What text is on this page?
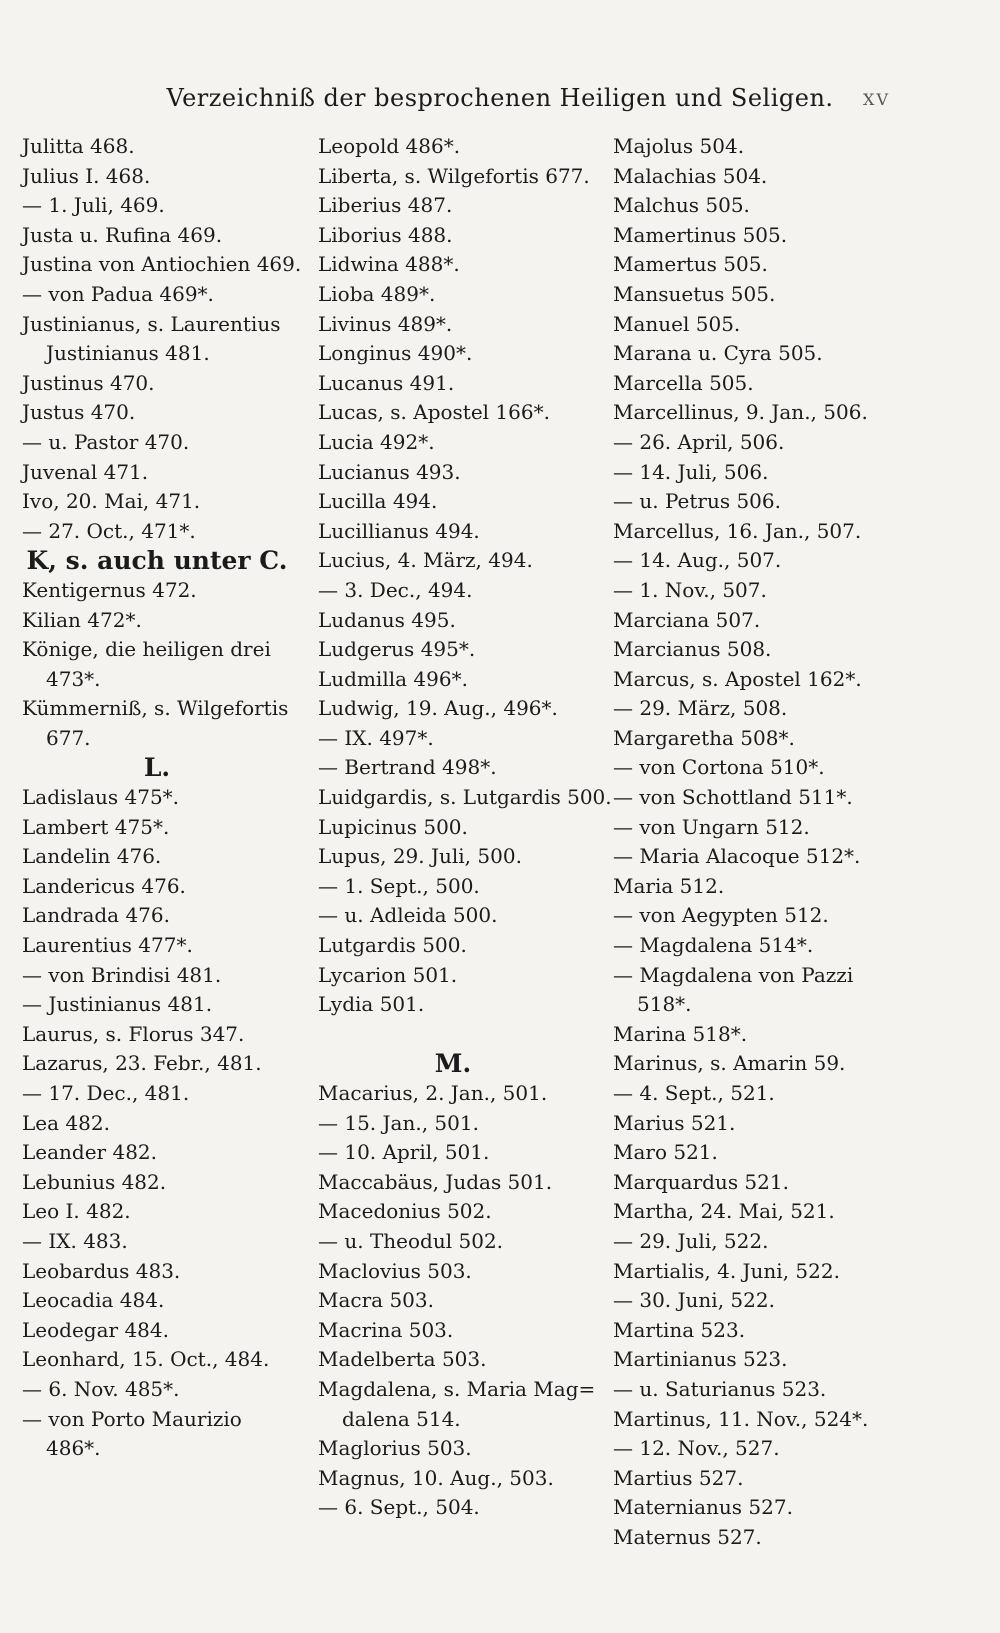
Verzeichniß der besprochenen Heiligen und Seligen.	XV
Julitta 468.
Julius I. 468.
— 1. Juli, 469.
Justa u. Rufina 469.
Justina von Antiochien 469.
— von Padua 469*.
Justinianus, s. Laurentius
Justinianus 481.
Justinus 470.
Justus 470.
— u. Pastor 470.
Juvenal 471.
Ivo, 20. Mai, 471.
— 27. Oct., 471*.
K, s. auch unter C.
Kentigernus 472.
Kilian 472*.
Könige, die heiligen drei
473*.
Kümmerniß, s. Wilgefortis
677.
L.
Ladislaus 475*.
Lambert 475*.
Landelin 476.
Landericus 476.
Landrada 476.
Laurentius 477*.
— von Brindisi 481.
— Justinianus 481.
Laurus, s. Florus 347.
Lazarus, 23. Febr., 481.
— 17. Dec., 481.
Lea 482.
Leander 482.
Lebunius 482.
Leo I. 482.
— IX. 483.
Leobardus 483.
Leocadia 484.
Leodegar 484.
Leonhard, 15. Oct., 484.
— 6. Nov. 485*.
— von Porto Maurizio
486*.
Leopold 486*.
Liberta, s. Wilgefortis 677.
Liberius 487.
Liborius 488.
Lidwina 488*.
Lioba 489*.
Livinus 489*.
Longinus 490*.
Lucanus 491.
Lucas, s. Apostel 166*.
Lucia 492*.
Lucianus 493.
Lucilla 494.
Lucillianus 494.
Lucius, 4. März, 494.
— 3. Dec., 494.
Ludanus 495.
Ludgerus 495*.
Ludmilla 496*.
Ludwig, 19. Aug., 496*.
— IX. 497*.
— Bertrand 498*.
Luidgardis, s. Lutgardis 500.
Lupicinus 500.
Lupus, 29. Juli, 500.
— 1. Sept., 500.
— u. Adleida 500.
Lutgardis 500.
Lycarion 501.
Lydia 501.
M.
Macarius, 2. Jan., 501.
— 15. Jan., 501.
— 10. April, 501.
Maccabäus, Judas 501.
Macedonius 502.
— u. Theodul 502.
Maclovius 503.
Macra 503.
Macrina 503.
Madelberta 503.
Magdalena, s. Maria Mag=
dalena 514.
Maglorius 503.
Magnus, 10. Aug., 503.
— 6. Sept., 504.
Majolus 504.
Malachias 504.
Malchus 505.
Mamertinus 505.
Mamertus 505.
Mansuetus 505.
Manuel 505.
Marana u. Cyra 505.
Marcella 505.
Marcellinus, 9. Jan., 506.
— 26. April, 506.
— 14. Juli, 506.
— u. Petrus 506.
Marcellus, 16. Jan., 507.
— 14. Aug., 507.
— 1. Nov., 507.
Marciana 507.
Marcianus 508.
Marcus, s. Apostel 162*.
— 29. März, 508.
Margaretha 508*.
— von Cortona 510*.
— von Schottland 511*.
— von Ungarn 512.
— Maria Alacoque 512*.
Maria 512.
— von Aegypten 512.
— Magdalena 514*.
— Magdalena von Pazzi
518*.
Marina 518*.
Marinus, s. Amarin 59.
— 4. Sept., 521.
Marius 521.
Maro 521.
Marquardus 521.
Martha, 24. Mai, 521.
— 29. Juli, 522.
Martialis, 4. Juni, 522.
— 30. Juni, 522.
Martina 523.
Martinianus 523.
— u. Saturianus 523.
Martinus, 11. Nov., 524*.
— 12. Nov., 527.
Martius 527.
Maternianus 527.
Maternus 527.
